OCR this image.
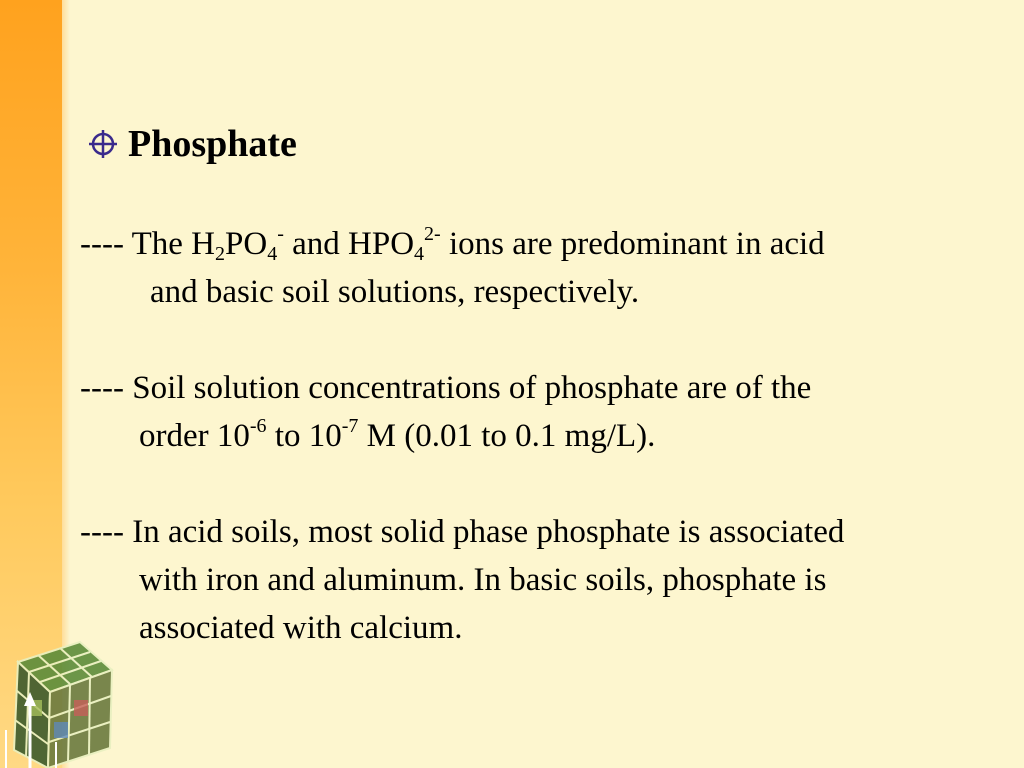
Phosphate
---- The $H_2PO_4^-$ and $HPO_4^{2-}$ ions are predominant in acid
and basic soil solutions, respectively.
---- Soil solution concentrations of phosphate are of the
order $10^{-6}$ to $10^{-7}$ M (0.01 to 0.1 mg/L).
---- In acid soils, most solid phase phosphate is associated
with iron and aluminum. In basic soils, phosphate is
associated with calcium.
